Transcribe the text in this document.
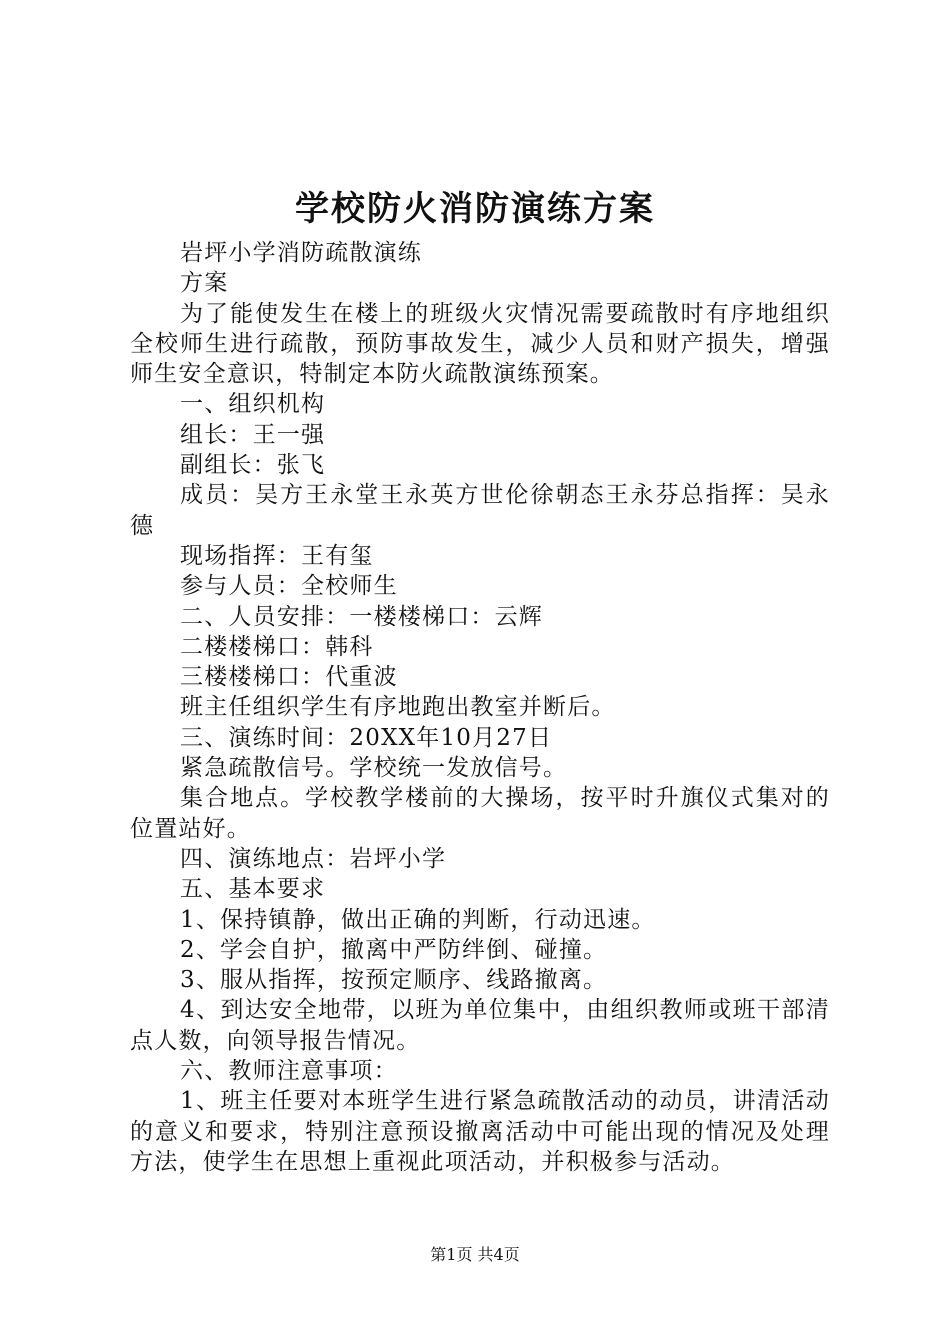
学校防火消防演练方案

岩坪小学消防疏散演练

方案

为了能使发生在楼上的班级火灾情况需要疏散时有序地组织全校师生进行疏散，预防事故发生，减少人员和财产损失，增强师生安全意识，特制定本防火疏散演练预案。

一、组织机构

组长：王一强

副组长：张飞

成员：吴方王永堂王永英方世伦徐朝态王永芬总指挥：吴永德

现场指挥：王有玺

参与人员：全校师生

二、人员安排：一楼楼梯口：云辉

二楼楼梯口：韩科

三楼楼梯口：代重波

班主任组织学生有序地跑出教室并断后。

三、演练时间：20XX年10月27日

紧急疏散信号。学校统一发放信号。

集合地点。学校教学楼前的大操场，按平时升旗仪式集对的位置站好。

四、演练地点：岩坪小学

五、基本要求

1、保持镇静，做出正确的判断，行动迅速。

2、学会自护，撤离中严防绊倒、碰撞。

3、服从指挥，按预定顺序、线路撤离。

4、到达安全地带，以班为单位集中，由组织教师或班干部清点人数，向领导报告情况。

六、教师注意事项：

1、班主任要对本班学生进行紧急疏散活动的动员，讲清活动的意义和要求，特别注意预设撤离活动中可能出现的情况及处理方法，使学生在思想上重视此项活动，并积极参与活动。

第1页 共4页
